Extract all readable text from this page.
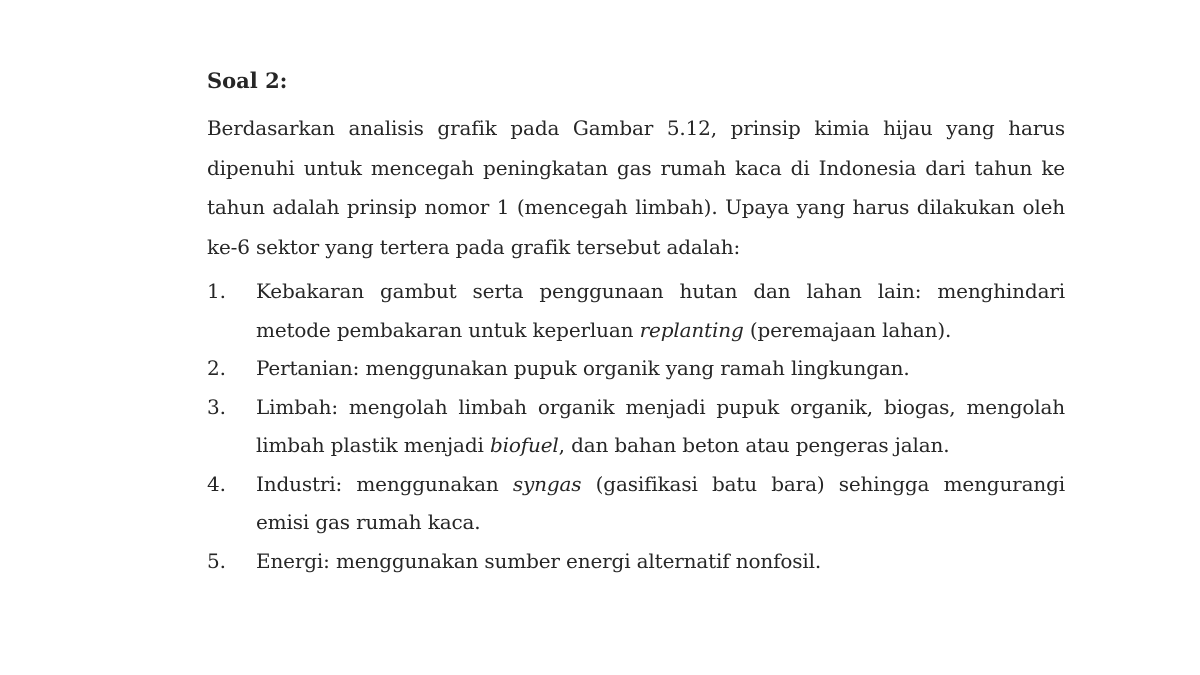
Soal 2:

Berdasarkan analisis grafik pada Gambar 5.12, prinsip kimia hijau yang harus dipenuhi untuk mencegah peningkatan gas rumah kaca di Indonesia dari tahun ke tahun adalah prinsip nomor 1 (mencegah limbah). Upaya yang harus dilakukan oleh ke-6 sektor yang tertera pada grafik tersebut adalah:

1. Kebakaran gambut serta penggunaan hutan dan lahan lain: menghindari metode pembakaran untuk keperluan replanting (peremajaan lahan).
2. Pertanian: menggunakan pupuk organik yang ramah lingkungan.
3. Limbah: mengolah limbah organik menjadi pupuk organik, biogas, mengolah limbah plastik menjadi biofuel, dan bahan beton atau pengeras jalan.
4. Industri: menggunakan syngas (gasifikasi batu bara) sehingga mengurangi emisi gas rumah kaca.
5. Energi: menggunakan sumber energi alternatif nonfosil.
